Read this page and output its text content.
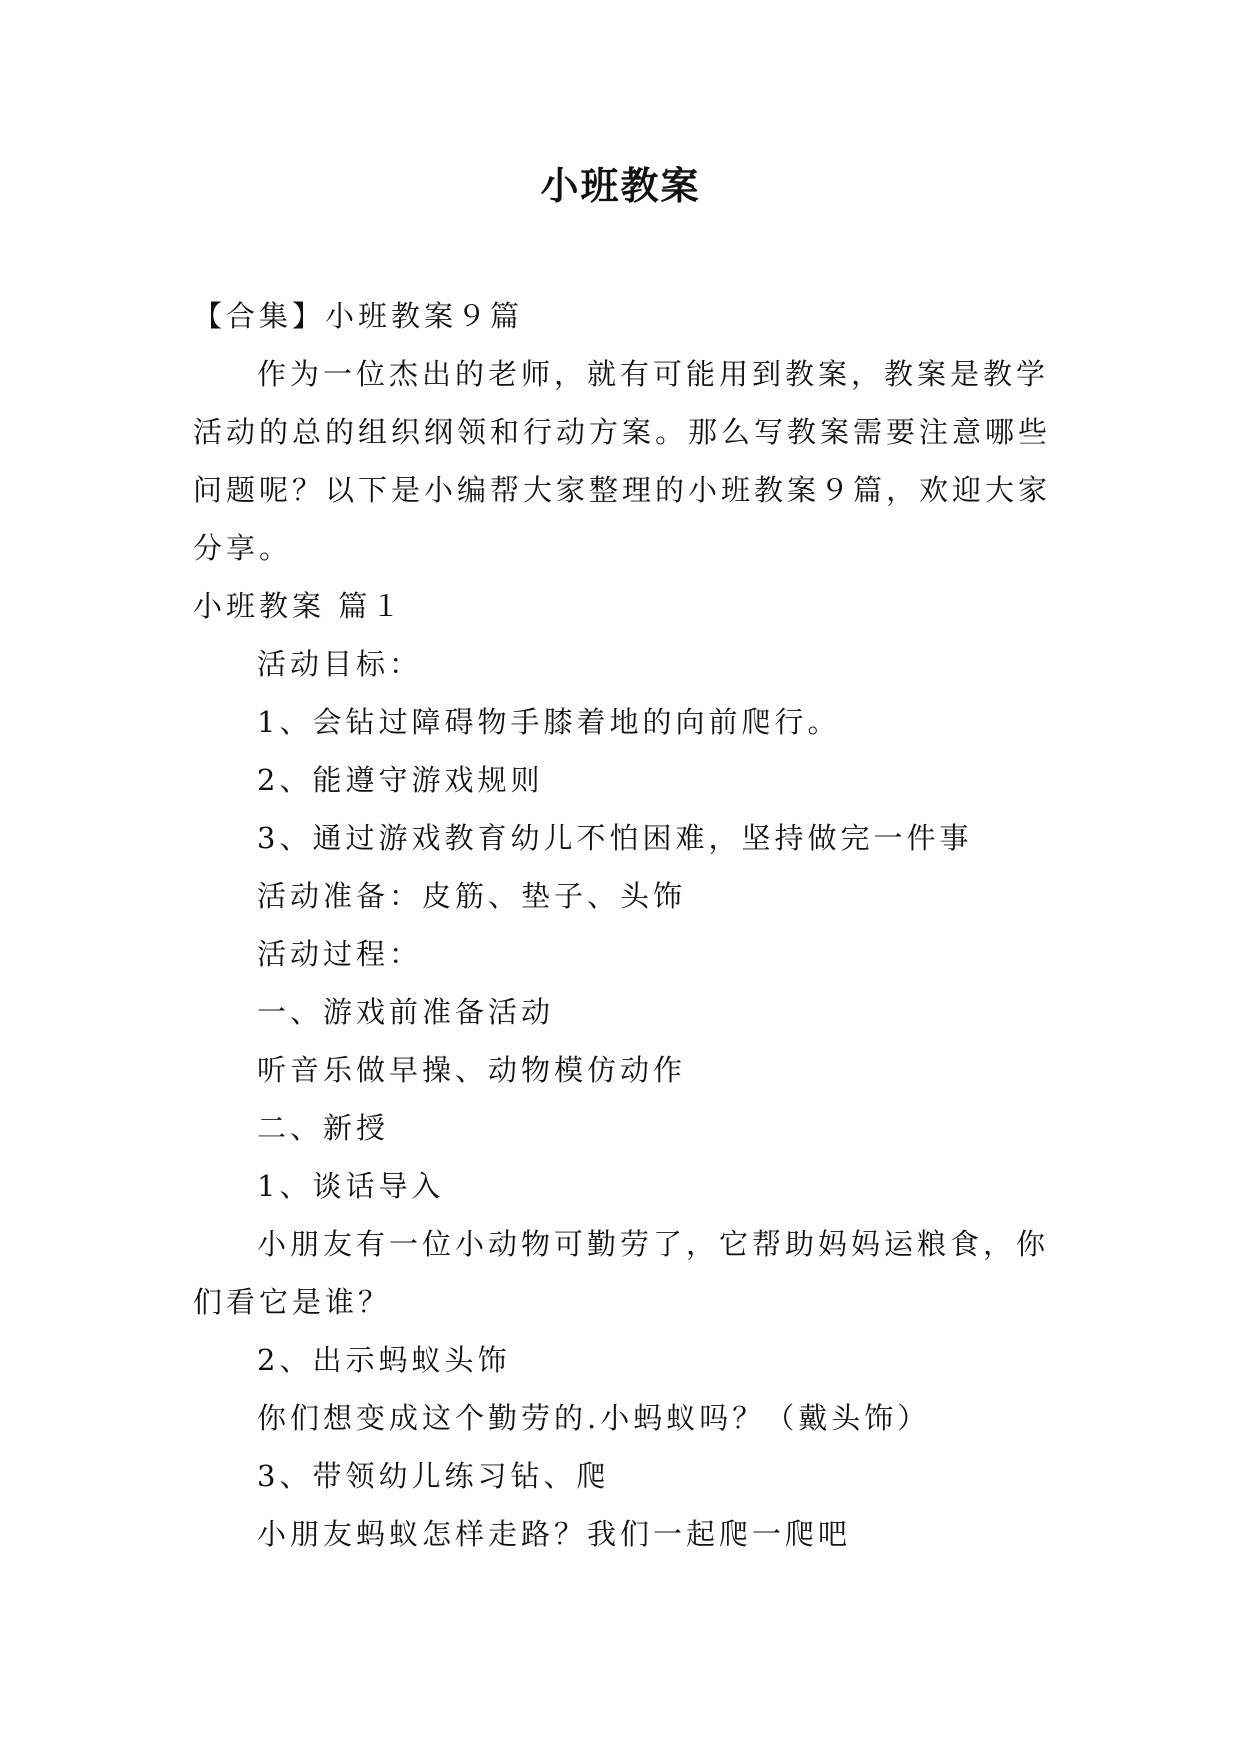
小班教案
【合集】小班教案９篇
作为一位杰出的老师，就有可能用到教案，教案是教学活动的总的组织纲领和行动方案。那么写教案需要注意哪些问题呢？以下是小编帮大家整理的小班教案９篇，欢迎大家分享。
小班教案 篇１
活动目标：
1、会钻过障碍物手膝着地的向前爬行。
2、能遵守游戏规则
3、通过游戏教育幼儿不怕困难，坚持做完一件事
活动准备：皮筋、垫子、头饰
活动过程：
一、游戏前准备活动
听音乐做早操、动物模仿动作
二、新授
1、谈话导入
小朋友有一位小动物可勤劳了，它帮助妈妈运粮食，你们看它是谁？
2、出示蚂蚁头饰
你们想变成这个勤劳的.小蚂蚁吗？（戴头饰）
3、带领幼儿练习钻、爬
小朋友蚂蚁怎样走路？我们一起爬一爬吧
